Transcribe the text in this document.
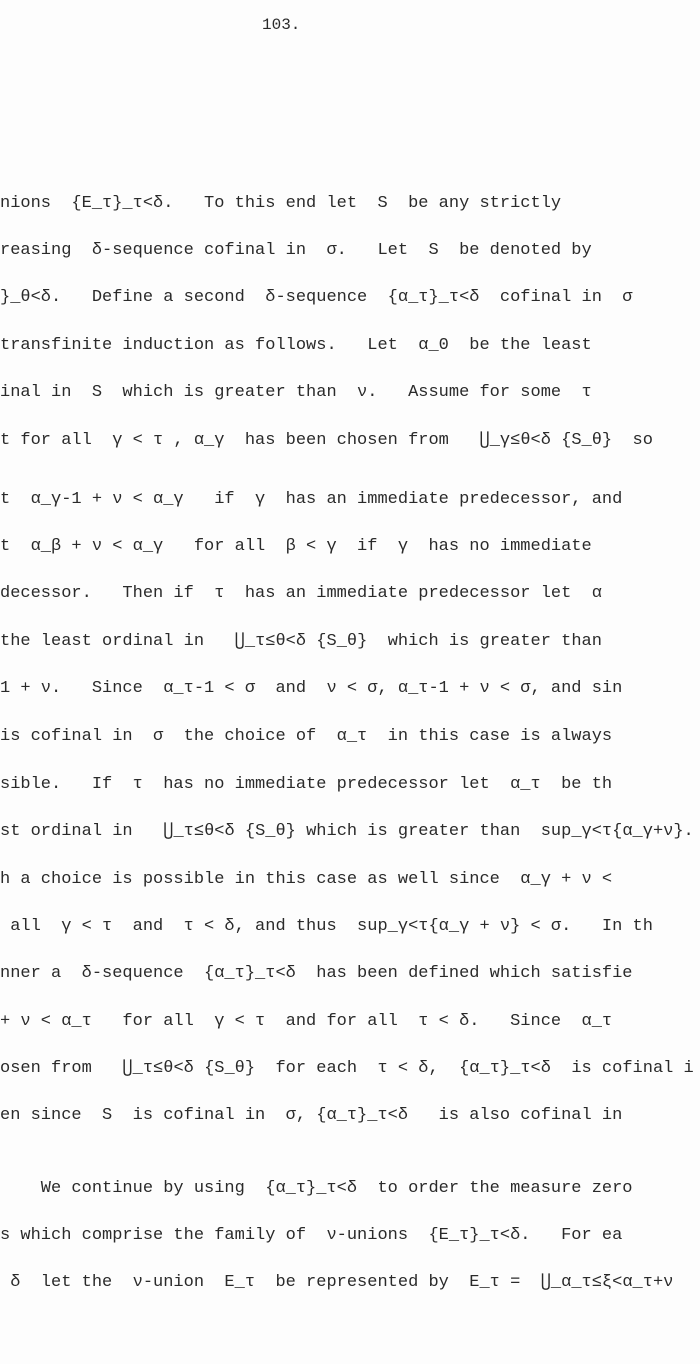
103.
nions  {E_τ}_τ<δ.   To this end let  S  be any strictly
reasing  δ-sequence cofinal in  σ.   Let  S  be denoted by
}_θ<δ.   Define a second  δ-sequence  {α_τ}_τ<δ  cofinal in  σ
transfinite induction as follows.   Let  α_0  be the least
inal in  S  which is greater than  ν.   Assume for some  τ
t for all  γ < τ , α_γ  has been chosen from   ⋃_γ≤θ<δ {S_θ}  so
t  α_γ-1 + ν < α_γ   if  γ  has an immediate predecessor, and
t  α_β + ν < α_γ   for all  β < γ  if  γ  has no immediate
decessor.   Then if  τ  has an immediate predecessor let  α
the least ordinal in   ⋃_τ≤θ<δ {S_θ}  which is greater than
1 + ν.   Since  α_τ-1 < σ  and  ν < σ, α_τ-1 + ν < σ, and sin
is cofinal in  σ  the choice of  α_τ  in this case is always
sible.   If  τ  has no immediate predecessor let  α_τ  be th
st ordinal in   ⋃_τ≤θ<δ {S_θ} which is greater than  sup_γ<τ{α_γ+ν}.
h a choice is possible in this case as well since  α_γ + ν <
all  γ < τ  and  τ < δ, and thus  sup_γ<τ{α_γ + ν} < σ.   In th
nner a  δ-sequence  {α_τ}_τ<δ  has been defined which satisfie
+ ν < α_τ   for all  γ < τ  and for all  τ < δ.   Since  α_τ
osen from   ⋃_τ≤θ<δ {S_θ}  for each  τ < δ,  {α_τ}_τ<δ  is cofinal i
en since  S  is cofinal in  σ, {α_τ}_τ<δ   is also cofinal in
We continue by using  {α_τ}_τ<δ  to order the measure zero
s which comprise the family of  ν-unions  {E_τ}_τ<δ.   For ea
δ  let the  ν-union  E_τ  be represented by  E_τ =  ⋃_α_τ≤ξ<α_τ+ν
